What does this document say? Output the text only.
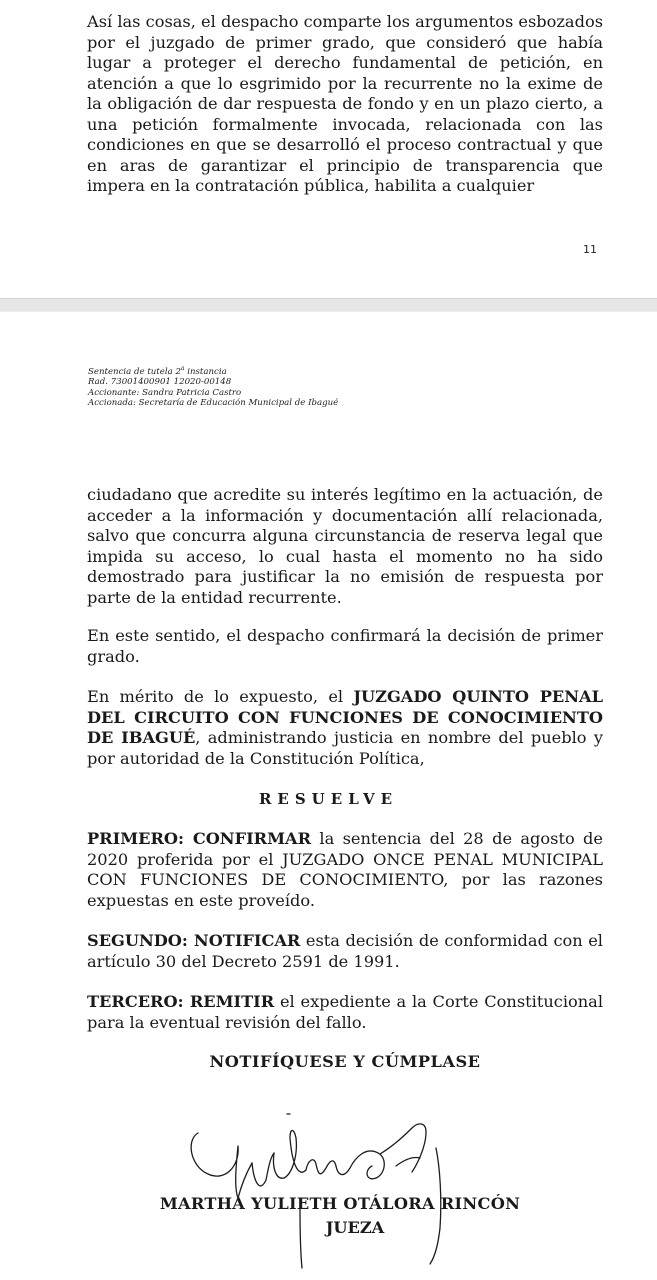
Así las cosas, el despacho comparte los argumentos esbozados por el juzgado de primer grado, que consideró que había lugar a proteger el derecho fundamental de petición, en atención a que lo esgrimido por la recurrente no la exime de la obligación de dar respuesta de fondo y en un plazo cierto, a una petición formalmente invocada, relacionada con las condiciones en que se desarrolló el proceso contractual y que en aras de garantizar el principio de transparencia que impera en la contratación pública, habilita a cualquier

11
Sentencia de tutela 2$^a$ instancia
Rad. 73001400901 12020-00148
Accionante: Sandra Patricia Castro
Accionada: Secretaría de Educación Municipal de Ibagué

ciudadano que acredite su interés legítimo en la actuación, de acceder a la información y documentación allí relacionada, salvo que concurra alguna circunstancia de reserva legal que impida su acceso, lo cual hasta el momento no ha sido demostrado para justificar la no emisión de respuesta por parte de la entidad recurrente.

En este sentido, el despacho confirmará la decisión de primer grado.

En mérito de lo expuesto, el JUZGADO QUINTO PENAL DEL CIRCUITO CON FUNCIONES DE CONOCIMIENTO DE IBAGUÉ, administrando justicia en nombre del pueblo y por autoridad de la Constitución Política,

RESUELVE

PRIMERO: CONFIRMAR la sentencia del 28 de agosto de 2020 proferida por el JUZGADO ONCE PENAL MUNICIPAL CON FUNCIONES DE CONOCIMIENTO, por las razones expuestas en este proveído.

SEGUNDO: NOTIFICAR esta decisión de conformidad con el artículo 30 del Decreto 2591 de 1991.

TERCERO: REMITIR el expediente a la Corte Constitucional para la eventual revisión del fallo.

NOTIFÍQUESE Y CÚMPLASE
MARTHA YULIETH OTÁLORA RINCÓN
JUEZA
